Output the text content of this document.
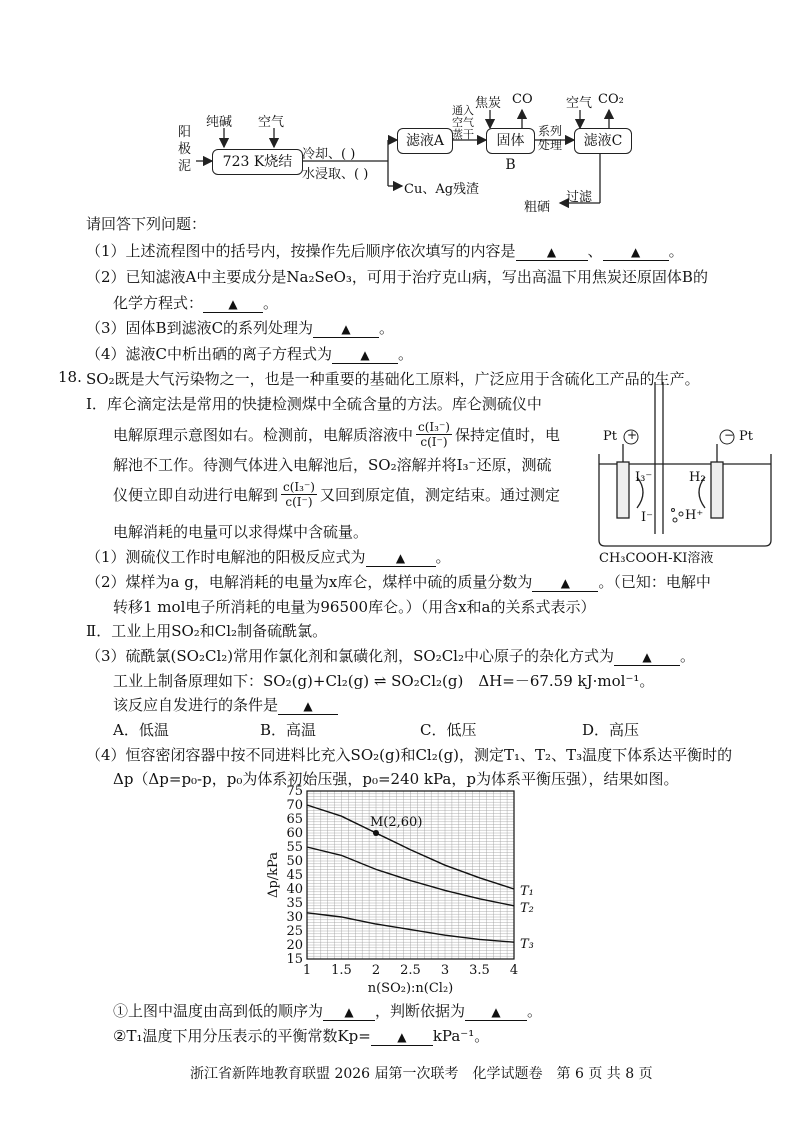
阳
极
泥
纯碱 空气
723 K烧结 冷却、( )
水浸取、( )
Cu、Ag残渣
滤液A
通入
空气
蒸干	固体B
焦炭 CO
系列
处理	滤液C
空气 CO₂
过滤
粗硒
请回答下列问题：
（1）上述流程图中的括号内，按操作先后顺序依次填写的内容是	▲ 、 ▲ 。
（2）已知滤液A中主要成分是Na₂SeO₃，可用于治疗克山病，写出高温下用焦炭还原固体B的
化学方程式： ▲ 。
（3）固体B到滤液C的系列处理为 ▲ 。
（4）滤液C中析出硒的离子方程式为 ▲ 。
18. SO₂既是大气污染物之一，也是一种重要的基础化工原料，广泛应用于含硫化工产品的生产。
Ⅰ．库仑滴定法是常用的快捷检测煤中全硫含量的方法。库仑测硫仪中
电解原理示意图如右。检测前，电解质溶液中 $\frac{\text{c(I₃⁻)}}{c(I^-)}$ 保持定值时，电
解池不工作。待测气体进入电解池后，SO₂溶解并将I₃⁻还原，测硫
仪便立即自动进行电解到 $\frac{\text{c(I₃⁻)}}{c(I^-)}$ 又回到原定值，测定结束。通过测定
电解消耗的电量可以求得煤中含硫量。
Pt +	− Pt
I₃⁻
I⁻
H₂
H⁺
CH₃COOH-KI溶液
（1）测硫仪工作时电解池的阳极反应式为	▲ 。
（2）煤样为a g，电解消耗的电量为x库仑，煤样中硫的质量分数为 ▲ 。（已知：电解中
转移1 mol电子所消耗的电量为96500库仑。）（用含x和a的关系式表示）
Ⅱ．工业上用SO₂和Cl₂制备硫酰氯。
（3）硫酰氯(SO₂Cl₂)常用作氯化剂和氯磺化剂，SO₂Cl₂中心原子的杂化方式为 ▲ 。
工业上制备原理如下：SO₂(g)+Cl₂(g) ⇌ SO₂Cl₂(g)　ΔH=－67.59 kJ·mol⁻¹。
该反应自发进行的条件是 ▲
A．低温	B．高温	C．低压	D．高压
（4）恒容密闭容器中按不同进料比充入SO₂(g)和Cl₂(g)，测定T₁、T₂、T₃温度下体系达平衡时的
Δp（Δp=p₀-p，p₀为体系初始压强，p₀=240 kPa，p为体系平衡压强），结果如图。
1 1.5 2 2.5 3 3.5 4
15
20
25
30
35
40
45
50
55
60
65
70
75
Δp/kPa
n(SO₂):n(Cl₂)
T₁
T₂
T₃
M(2,60)
①上图中温度由高到低的顺序为 ▲ ，判断依据为 ▲ 。
②T₁温度下用分压表示的平衡常数Kp= ▲ kPa⁻¹。
浙江省新阵地教育联盟 2026 届第一次联考　化学试题卷　第 6 页 共 8 页
